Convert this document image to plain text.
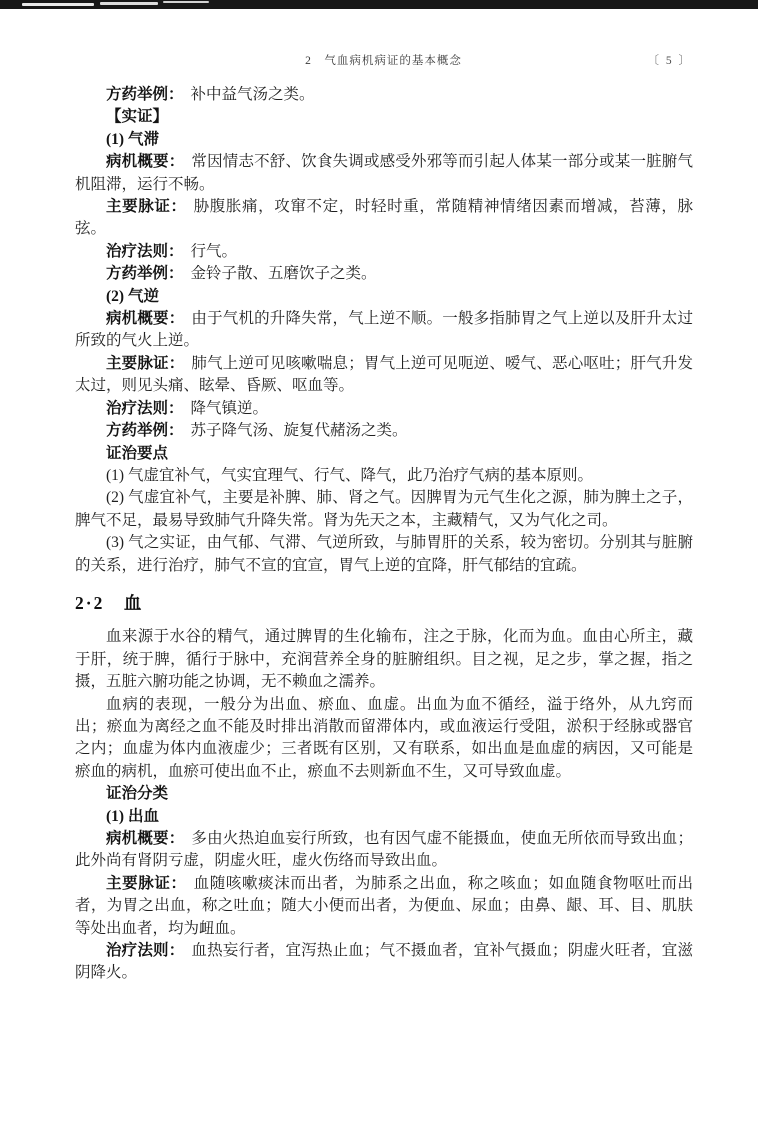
2　气血病机病证的基本概念	〔 5 〕

方药举例： 补中益气汤之类。

【实证】

(1) 气滞

病机概要： 常因情志不舒、饮食失调或感受外邪等而引起人体某一部分或某一脏腑气机阻滞，运行不畅。

主要脉证： 胁腹胀痛，攻窜不定，时轻时重，常随精神情绪因素而增减，苔薄，脉弦。

治疗法则： 行气。

方药举例： 金铃子散、五磨饮子之类。

(2) 气逆

病机概要： 由于气机的升降失常，气上逆不顺。一般多指肺胃之气上逆以及肝升太过所致的气火上逆。

主要脉证： 肺气上逆可见咳嗽喘息；胃气上逆可见呃逆、嗳气、恶心呕吐；肝气升发太过，则见头痛、眩晕、昏厥、呕血等。

治疗法则： 降气镇逆。

方药举例： 苏子降气汤、旋复代赭汤之类。

证治要点

(1) 气虚宜补气，气实宜理气、行气、降气，此乃治疗气病的基本原则。

(2) 气虚宜补气，主要是补脾、肺、肾之气。因脾胃为元气生化之源，肺为脾土之子，脾气不足，最易导致肺气升降失常。肾为先天之本，主藏精气，又为气化之司。

(3) 气之实证，由气郁、气滞、气逆所致，与肺胃肝的关系，较为密切。分别其与脏腑的关系，进行治疗，肺气不宣的宜宣，胃气上逆的宜降，肝气郁结的宜疏。

2·2　血

血来源于水谷的精气，通过脾胃的生化输布，注之于脉，化而为血。血由心所主，藏于肝，统于脾，循行于脉中，充润营养全身的脏腑组织。目之视，足之步，掌之握，指之摄，五脏六腑功能之协调，无不赖血之濡养。

血病的表现，一般分为出血、瘀血、血虚。出血为血不循经，溢于络外，从九窍而出；瘀血为离经之血不能及时排出消散而留滞体内，或血液运行受阻，淤积于经脉或器官之内；血虚为体内血液虚少；三者既有区别，又有联系，如出血是血虚的病因，又可能是瘀血的病机，血瘀可使出血不止，瘀血不去则新血不生，又可导致血虚。

证治分类

(1) 出血

病机概要： 多由火热迫血妄行所致，也有因气虚不能摄血，使血无所依而导致出血；此外尚有肾阴亏虚，阴虚火旺，虚火伤络而导致出血。

主要脉证： 血随咳嗽痰沫而出者，为肺系之出血，称之咳血；如血随食物呕吐而出者，为胃之出血，称之吐血；随大小便而出者，为便血、尿血；由鼻、龈、耳、目、肌肤等处出血者，均为衄血。

治疗法则： 血热妄行者，宜泻热止血；气不摄血者，宜补气摄血；阴虚火旺者，宜滋阴降火。
